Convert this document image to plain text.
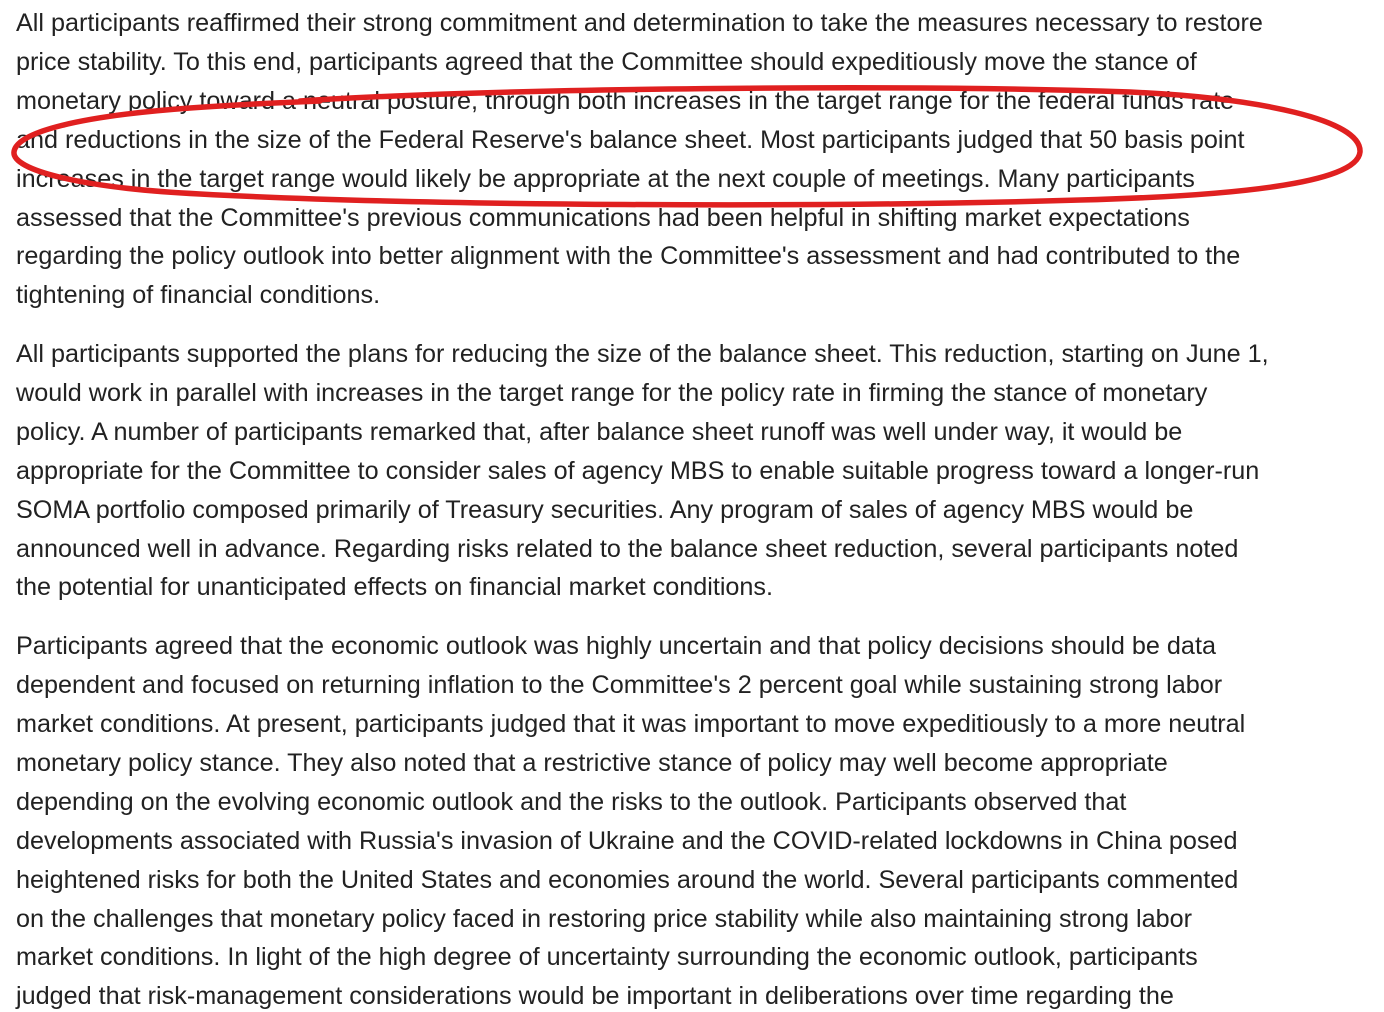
All participants reaffirmed their strong commitment and determination to take the measures necessary to restore
price stability. To this end, participants agreed that the Committee should expeditiously move the stance of
monetary policy toward a neutral posture, through both increases in the target range for the federal funds rate
and reductions in the size of the Federal Reserve's balance sheet. Most participants judged that 50 basis point
increases in the target range would likely be appropriate at the next couple of meetings. Many participants
assessed that the Committee's previous communications had been helpful in shifting market expectations
regarding the policy outlook into better alignment with the Committee's assessment and had contributed to the
tightening of financial conditions.

All participants supported the plans for reducing the size of the balance sheet. This reduction, starting on June 1,
would work in parallel with increases in the target range for the policy rate in firming the stance of monetary
policy. A number of participants remarked that, after balance sheet runoff was well under way, it would be
appropriate for the Committee to consider sales of agency MBS to enable suitable progress toward a longer-run
SOMA portfolio composed primarily of Treasury securities. Any program of sales of agency MBS would be
announced well in advance. Regarding risks related to the balance sheet reduction, several participants noted
the potential for unanticipated effects on financial market conditions.

Participants agreed that the economic outlook was highly uncertain and that policy decisions should be data
dependent and focused on returning inflation to the Committee's 2 percent goal while sustaining strong labor
market conditions. At present, participants judged that it was important to move expeditiously to a more neutral
monetary policy stance. They also noted that a restrictive stance of policy may well become appropriate
depending on the evolving economic outlook and the risks to the outlook. Participants observed that
developments associated with Russia's invasion of Ukraine and the COVID-related lockdowns in China posed
heightened risks for both the United States and economies around the world. Several participants commented
on the challenges that monetary policy faced in restoring price stability while also maintaining strong labor
market conditions. In light of the high degree of uncertainty surrounding the economic outlook, participants
judged that risk-management considerations would be important in deliberations over time regarding the
